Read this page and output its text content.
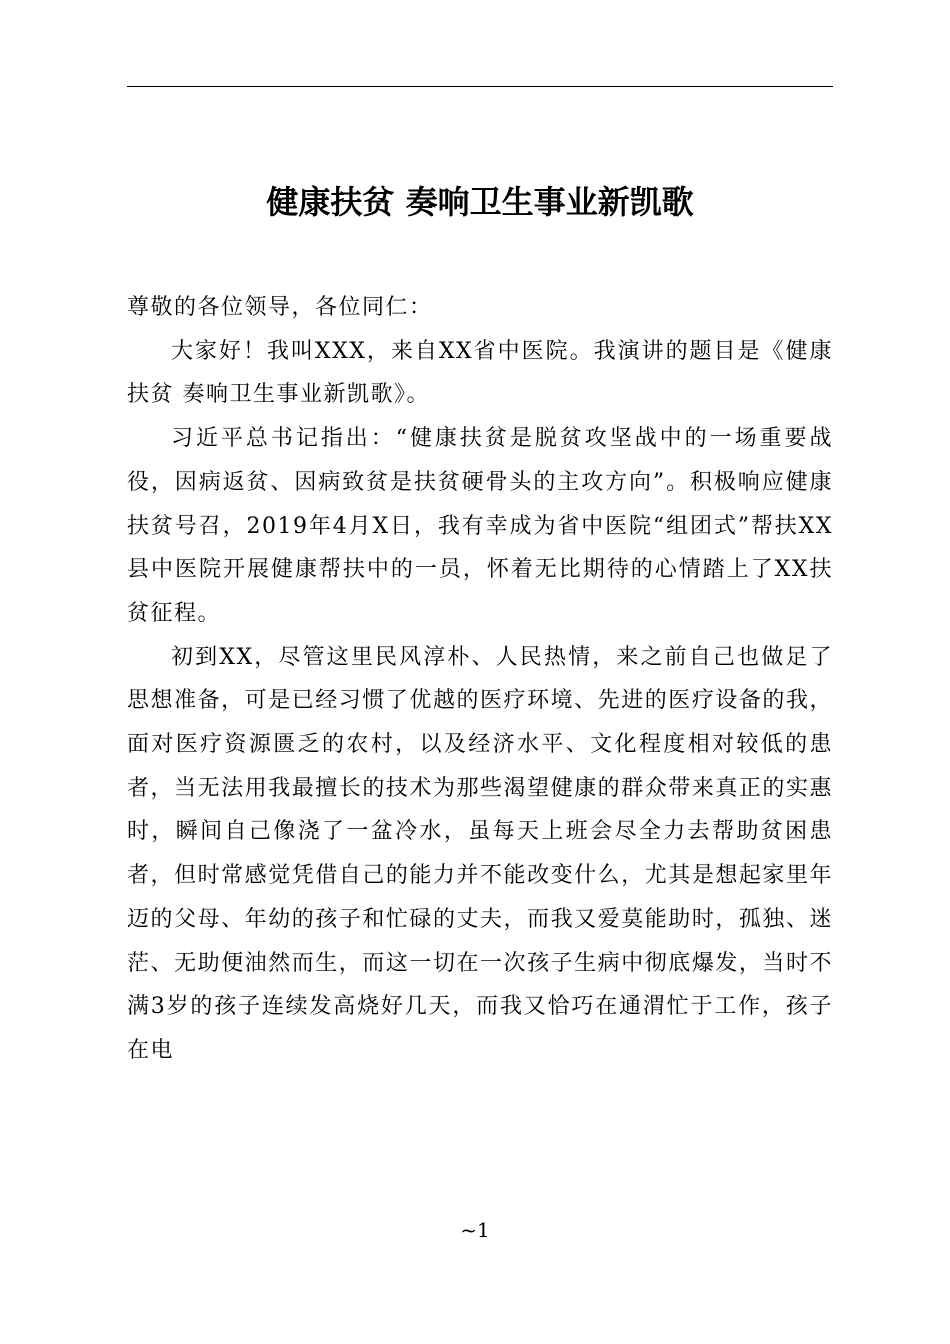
健康扶贫 奏响卫生事业新凯歌

尊敬的各位领导，各位同仁：

大家好！我叫XXX，来自XX省中医院。我演讲的题目是《健康扶贫 奏响卫生事业新凯歌》。

习近平总书记指出：“健康扶贫是脱贫攻坚战中的一场重要战役，因病返贫、因病致贫是扶贫硬骨头的主攻方向”。积极响应健康扶贫号召，2019年4月X日，我有幸成为省中医院“组团式”帮扶XX县中医院开展健康帮扶中的一员，怀着无比期待的心情踏上了XX扶贫征程。

初到XX，尽管这里民风淳朴、人民热情，来之前自己也做足了思想准备，可是已经习惯了优越的医疗环境、先进的医疗设备的我，面对医疗资源匮乏的农村，以及经济水平、文化程度相对较低的患者，当无法用我最擅长的技术为那些渴望健康的群众带来真正的实惠时，瞬间自己像浇了一盆冷水，虽每天上班会尽全力去帮助贫困患者，但时常感觉凭借自己的能力并不能改变什么，尤其是想起家里年迈的父母、年幼的孩子和忙碌的丈夫，而我又爱莫能助时，孤独、迷茫、无助便油然而生，而这一切在一次孩子生病中彻底爆发，当时不满3岁的孩子连续发高烧好几天，而我又恰巧在通渭忙于工作，孩子在电

~1
